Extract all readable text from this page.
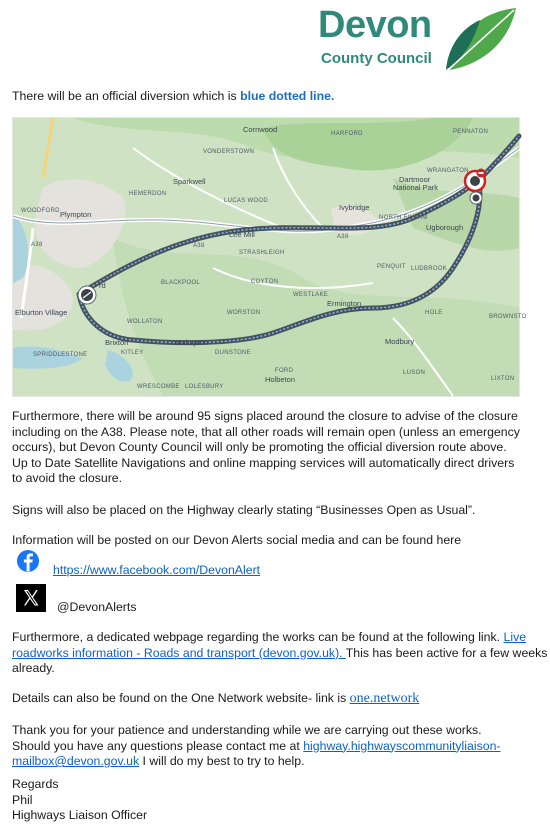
Devon
County Council

There will be an official diversion which is blue dotted line.

Cornwood	HARFORD	PENNATON
WRANGATON
VONDERSTOWN
Sparkwell
HEMERDON
LUCAS WOOD
Dartmoor
National Park
WOODFORD Plympton
Ivybridge
NORTH FILHAM
Lee Mill
STRASHLEIGH
Ugborough
A38	A38
A38
BLACKPOOL	COYTON
WESTLAKE
PENQUIT LUDBROOK
rd
Elburton Village
WOLLATON
WORSTON
Ermington
HOLE
BROWNSTO
SPRIDDLESTONE
Brixton	Yealmpton
DUNSTONE
KITLEY
Modbury
FORD
Holbeton
WRESCOMBE LOLESBURY
LUSON
LIXTON

Furthermore, there will be around 95 signs placed around the closure to advise of the closure including on the A38. Please note, that all other roads will remain open (unless an emergency occurs), but Devon County Council will only be promoting the official diversion route above. Up to Date Satellite Navigations and online mapping services will automatically direct drivers to avoid the closure.

Signs will also be placed on the Highway clearly stating “Businesses Open as Usual”.

Information will be posted on our Devon Alerts social media and can be found here

https://www.facebook.com/DevonAlert
@DevonAlerts
Furthermore, a dedicated webpage regarding the works can be found at the following link. Live
roadworks information - Roads and transport (devon.gov.uk). This has been active for a few weeks
already.

Details can also be found on the One Network website- link is one.network

Thank you for your patience and understanding while we are carrying out these works.
Should you have any questions please contact me at highway.highwayscommunityliaison-
mailbox@devon.gov.uk I will do my best to try to help.
Regards
Phil
Highways Liaison Officer
